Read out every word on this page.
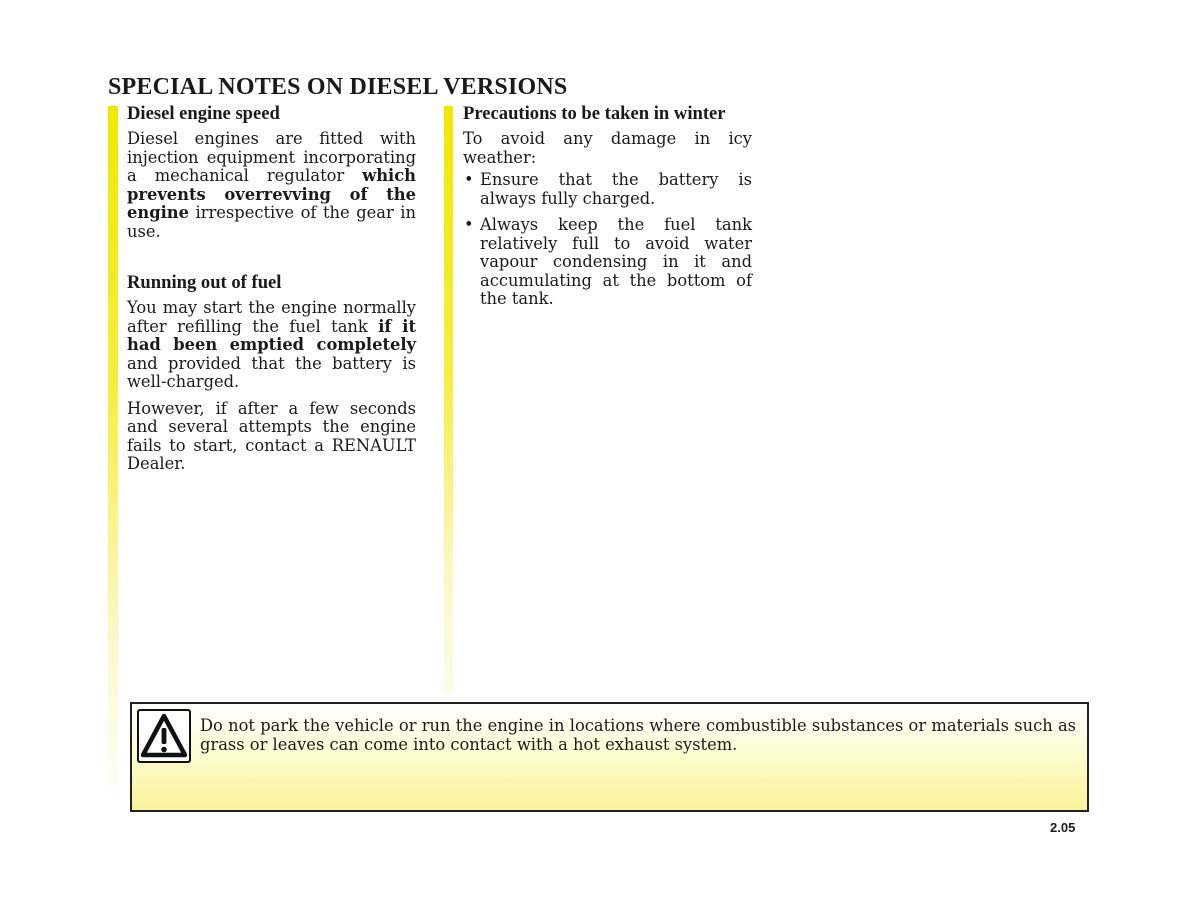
SPECIAL NOTES ON DIESEL VERSIONS
Diesel engine speed

Diesel engines are fitted with injection equipment incorporating a mechanical regulator which prevents overrevving of the engine irrespective of the gear in use.

Running out of fuel

You may start the engine normally after refilling the fuel tank if it had been emptied completely and provided that the battery is well-charged.

However, if after a few seconds and several attempts the engine fails to start, contact a RENAULT Dealer.

Precautions to be taken in winter

To avoid any damage in icy weather:

• Ensure that the battery is always fully charged.
• Always keep the fuel tank relatively full to avoid water vapour condensing in it and accumulating at the bottom of the tank.

Do not park the vehicle or run the engine in locations where combustible substances or materials such as grass or leaves can come into contact with a hot exhaust system.

2.05
